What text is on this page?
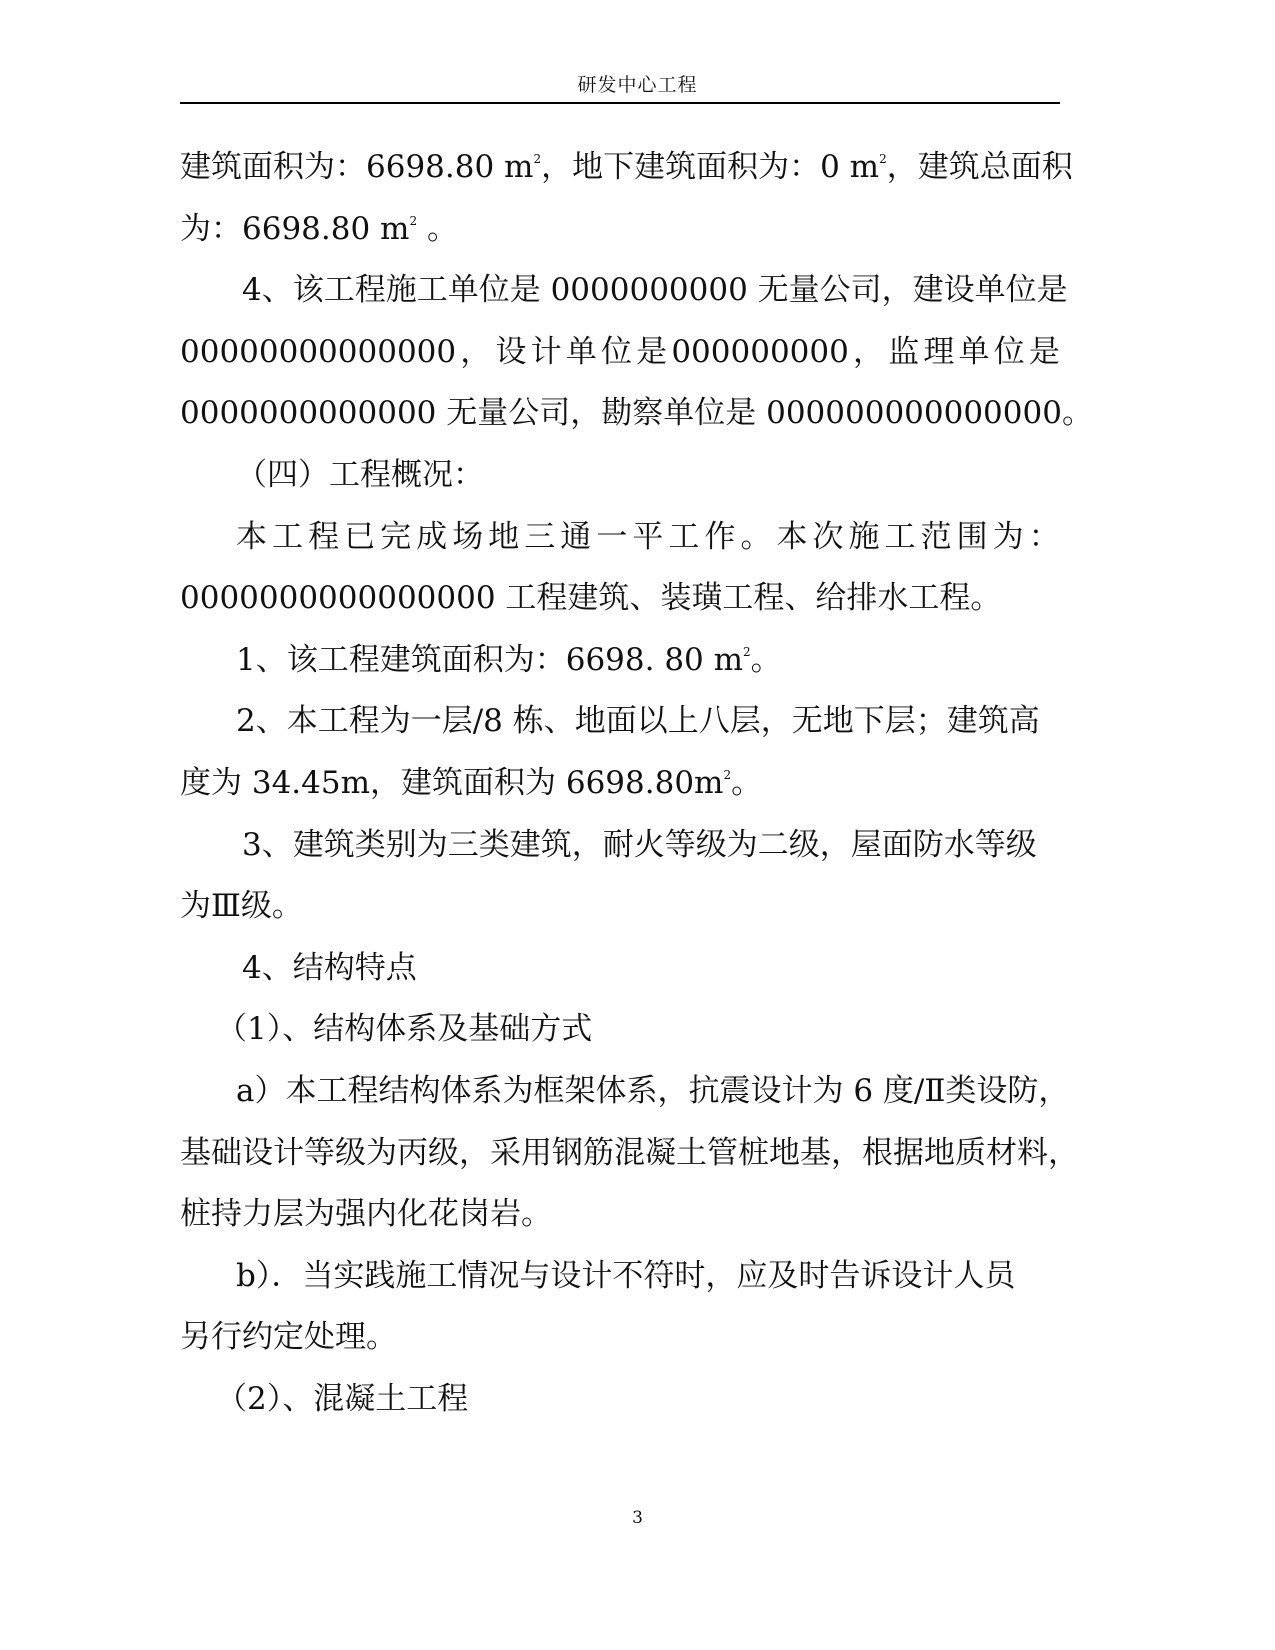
研发中心工程
建筑面积为：6698.80 $m^2$，地下建筑面积为：0 $m^2$，建筑总面积
为：6698.80 $m^2$ 。
4、该工程施工单位是 0000000000 无量公司，建设单位是
00000000000000 ， 设 计 单 位 是 000000000 ， 监 理 单 位 是
0000000000000 无量公司，勘察单位是 000000000000000。
（四）工程概况：
本 工 程 已 完 成 场 地 三 通 一 平 工 作 。 本 次 施 工 范 围 为 ：
0000000000000000 工程建筑、装璜工程、给排水工程。
1、该工程建筑面积为：6698. 80 $m^2$。
2、本工程为一层/8 栋、地面以上八层，无地下层；建筑高
度为 34.45m，建筑面积为 $6698.80m^2$。
3、建筑类别为三类建筑，耐火等级为二级，屋面防水等级
为Ⅲ级。
4、结构特点
（1）、结构体系及基础方式
a）本工程结构体系为框架体系，抗震设计为 6 度/Ⅱ类设防，
基础设计等级为丙级，采用钢筋混凝土管桩地基，根据地质材料，
桩持力层为强内化花岗岩。
b）．当实践施工情况与设计不符时，应及时告诉设计人员
另行约定处理。
（2）、混凝土工程
3
